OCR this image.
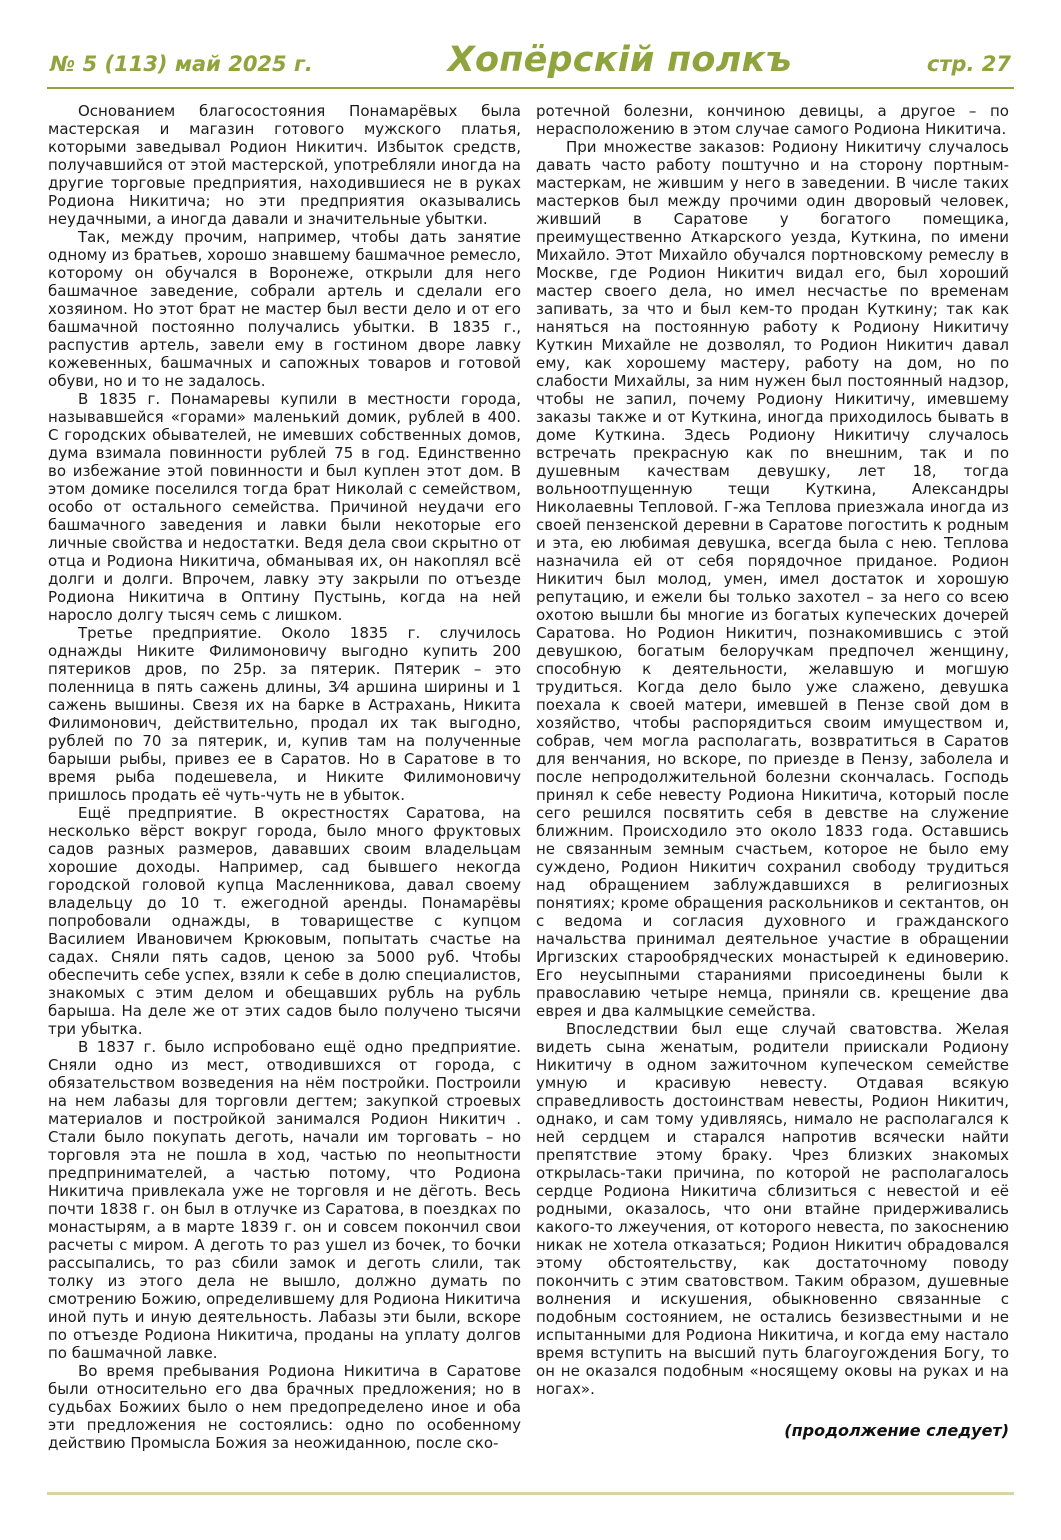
№ 5 (113) май 2025 г.	Хопёрскій полкъ	стр. 27

Основанием благосостояния Понамарёвых была мастерская и магазин готового мужского платья, которыми заведывал Родион Никитич. Избыток средств, получавшийся от этой мастерской, употребляли иногда на другие торговые предприятия, находившиеся не в руках Родиона Никитича; но эти предприятия оказывались неудачными, а иногда давали и значительные убытки.

Так, между прочим, например, чтобы дать занятие одному из братьев, хорошо знавшему башмачное ремесло, которому он обучался в Воронеже, открыли для него башмачное заведение, собрали артель и сделали его хозяином. Но этот брат не мастер был вести дело и от его башмачной постоянно получались убытки. В 1835 г., распустив артель, завели ему в гостином дворе лавку кожевенных, башмачных и сапожных товаров и готовой обуви, но и то не задалось.

В 1835 г. Понамаревы купили в местности города, называвшейся «горами» маленький домик, рублей в 400. С городских обывателей, не имевших собственных домов, дума взимала повинности рублей 75 в год. Единственно во избежание этой повинности и был куплен этот дом. В этом домике поселился тогда брат Николай с семейством, особо от остального семейства. Причиной неудачи его башмачного заведения и лавки были некоторые его личные свойства и недостатки. Ведя дела свои скрытно от отца и Родиона Никитича, обманывая их, он накоплял всё долги и долги. Впрочем, лавку эту закрыли по отъезде Родиона Никитича в Оптину Пустынь, когда на ней наросло долгу тысяч семь с лишком.

Третье предприятие. Около 1835 г. случилось однажды Никите Филимоновичу выгодно купить 200 пятериков дров, по 25р. за пятерик. Пятерик – это поленница в пять сажень длины, 3⁄4 аршина ширины и 1 сажень вышины. Свезя их на барке в Астрахань, Никита Филимонович, действительно, продал их так выгодно, рублей по 70 за пятерик, и, купив там на полученные барыши рыбы, привез ее в Саратов. Но в Саратове в то время рыба подешевела, и Никите Филимоновичу пришлось продать её чуть-чуть не в убыток.

Ещё предприятие. В окрестностях Саратова, на несколько вёрст вокруг города, было много фруктовых садов разных размеров, дававших своим владельцам хорошие доходы. Например, сад бывшего некогда городской головой купца Масленникова, давал своему владельцу до 10 т. ежегодной аренды. Понамарёвы попробовали однажды, в товариществе с купцом Василием Ивановичем Крюковым, попытать счастье на садах. Сняли пять садов, ценою за 5000 руб. Чтобы обеспечить себе успех, взяли к себе в долю специалистов, знакомых с этим делом и обещавших рубль на рубль барыша. На деле же от этих садов было получено тысячи три убытка.

В 1837 г. было испробовано ещё одно предприятие. Сняли одно из мест, отводившихся от города, с обязательством возведения на нём постройки. Построили на нем лабазы для торговли дегтем; закупкой строевых материалов и постройкой занимался Родион Никитич . Стали было покупать деготь, начали им торговать – но торговля эта не пошла в ход, частью по неопытности предпринимателей, а частью потому, что Родиона Никитича привлекала уже не торговля и не дёготь. Весь почти 1838 г. он был в отлучке из Саратова, в поездках по монастырям, а в марте 1839 г. он и совсем покончил свои расчеты с миром. А деготь то раз ушел из бочек, то бочки рассыпались, то раз сбили замок и деготь слили, так толку из этого дела не вышло, должно думать по смотрению Божию, определившему для Родиона Никитича иной путь и иную деятельность. Лабазы эти были, вскоре по отъезде Родиона Никитича, проданы на уплату долгов по башмачной лавке.

Во время пребывания Родиона Никитича в Саратове были относительно его два брачных предложения; но в судьбах Божиих было о нем предопределено иное и оба эти предложения не состоялись: одно по особенному действию Промысла Божия за неожиданною, после ско-

ротечной болезни, кончиною девицы, а другое – по нерасположению в этом случае самого Родиона Никитича.

При множестве заказов: Родиону Никитичу случалось давать часто работу поштучно и на сторону портным-мастеркам, не жившим у него в заведении. В числе таких мастерков был между прочими один дворовый человек, живший в Саратове у богатого помещика, преимущественно Аткарского уезда, Куткина, по имени Михайло. Этот Михайло обучался портновскому ремеслу в Москве, где Родион Никитич видал его, был хороший мастер своего дела, но имел несчастье по временам запивать, за что и был кем-то продан Куткину; так как наняться на постоянную работу к Родиону Никитичу Куткин Михайле не дозволял, то Родион Никитич давал ему, как хорошему мастеру, работу на дом, но по слабости Михайлы, за ним нужен был постоянный надзор, чтобы не запил, почему Родиону Никитичу, имевшему заказы также и от Куткина, иногда приходилось бывать в доме Куткина. Здесь Родиону Никитичу случалось встречать прекрасную как по внешним, так и по душевным качествам девушку, лет 18, тогда вольноотпущенную тещи Куткина, Александры Николаевны Тепловой. Г-жа Теплова приезжала иногда из своей пензенской деревни в Саратове погостить к родным и эта, ею любимая девушка, всегда была с нею. Теплова назначила ей от себя порядочное приданое. Родион Никитич был молод, умен, имел достаток и хорошую репутацию, и ежели бы только захотел – за него со всею охотою вышли бы многие из богатых купеческих дочерей Саратова. Но Родион Никитич, познакомившись с этой девушкою, богатым белоручкам предпочел женщину, способную к деятельности, желавшую и могшую трудиться. Когда дело было уже слажено, девушка поехала к своей матери, имевшей в Пензе свой дом в хозяйство, чтобы распорядиться своим имуществом и, собрав, чем могла располагать, возвратиться в Саратов для венчания, но вскоре, по приезде в Пензу, заболела и после непродолжительной болезни скончалась. Господь принял к себе невесту Родиона Никитича, который после сего решился посвятить себя в девстве на служение ближним. Происходило это около 1833 года. Оставшись не связанным земным счастьем, которое не было ему суждено, Родион Никитич сохранил свободу трудиться над обращением заблуждавшихся в религиозных понятиях; кроме обращения раскольников и сектантов, он с ведома и согласия духовного и гражданского начальства принимал деятельное участие в обращении Иргизских старообрядческих монастырей к единоверию. Его неусыпными стараниями присоединены были к православию четыре немца, приняли св. крещение два еврея и два калмыцкие семейства.

Впоследствии был еще случай сватовства. Желая видеть сына женатым, родители приискали Родиону Никитичу в одном зажиточном купеческом семействе умную и красивую невесту. Отдавая всякую справедливость достоинствам невесты, Родион Никитич, однако, и сам тому удивляясь, нимало не располагался к ней сердцем и старался напротив всячески найти препятствие этому браку. Чрез близких знакомых открылась-таки причина, по которой не располагалось сердце Родиона Никитича сблизиться с невестой и её родными, оказалось, что они втайне придерживались какого-то лжеучения, от которого невеста, по закоснению никак не хотела отказаться; Родион Никитич обрадовался этому обстоятельству, как достаточному поводу покончить с этим сватовством. Таким образом, душевные волнения и искушения, обыкновенно связанные с подобным состоянием, не остались безизвестными и не испытанными для Родиона Никитича, и когда ему настало время вступить на высший путь благоугождения Богу, то он не оказался подобным «носящему оковы на руках и на ногах».

(продолжение следует)
